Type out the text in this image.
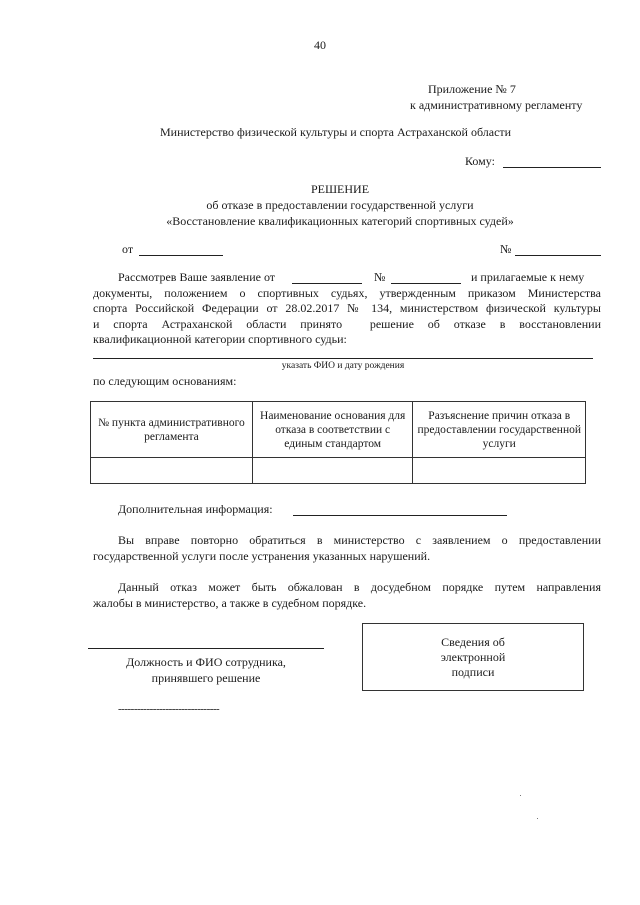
40
Приложение № 7
к административному регламенту
Министерство физической культуры и спорта Астраханской области
Кому:
РЕШЕНИЕ
об отказе в предоставлении государственной услуги
«Восстановление квалификационных категорий спортивных судей»
от	№
Рассмотрев Ваше заявление от	№	и прилагаемые к нему
документы, положением о спортивных судьях, утвержденным приказом Министерства
спорта Российской Федерации от 28.02.2017 № 134, министерством физической культуры
и спорта Астраханской области принято  решение об отказе в восстановлении
квалификационной категории спортивного судьи:
указать ФИО и дату рождения
по следующим основаниям:
№ пункта административного регламента	Наименование основания для отказа в соответствии с единым стандартом	Разъяснение причин отказа в предоставлении государственной услуги

Дополнительная информация:
Вы вправе повторно обратиться в министерство с заявлением о предоставлении
государственной услуги после устранения указанных нарушений.
Данный отказ может быть обжалован в досудебном порядке путем направления
жалобы в министерство, а также в судебном порядке.
Должность и ФИО сотрудника,
принявшего решение
Сведения об
электронной
подписи
--------------------------------
